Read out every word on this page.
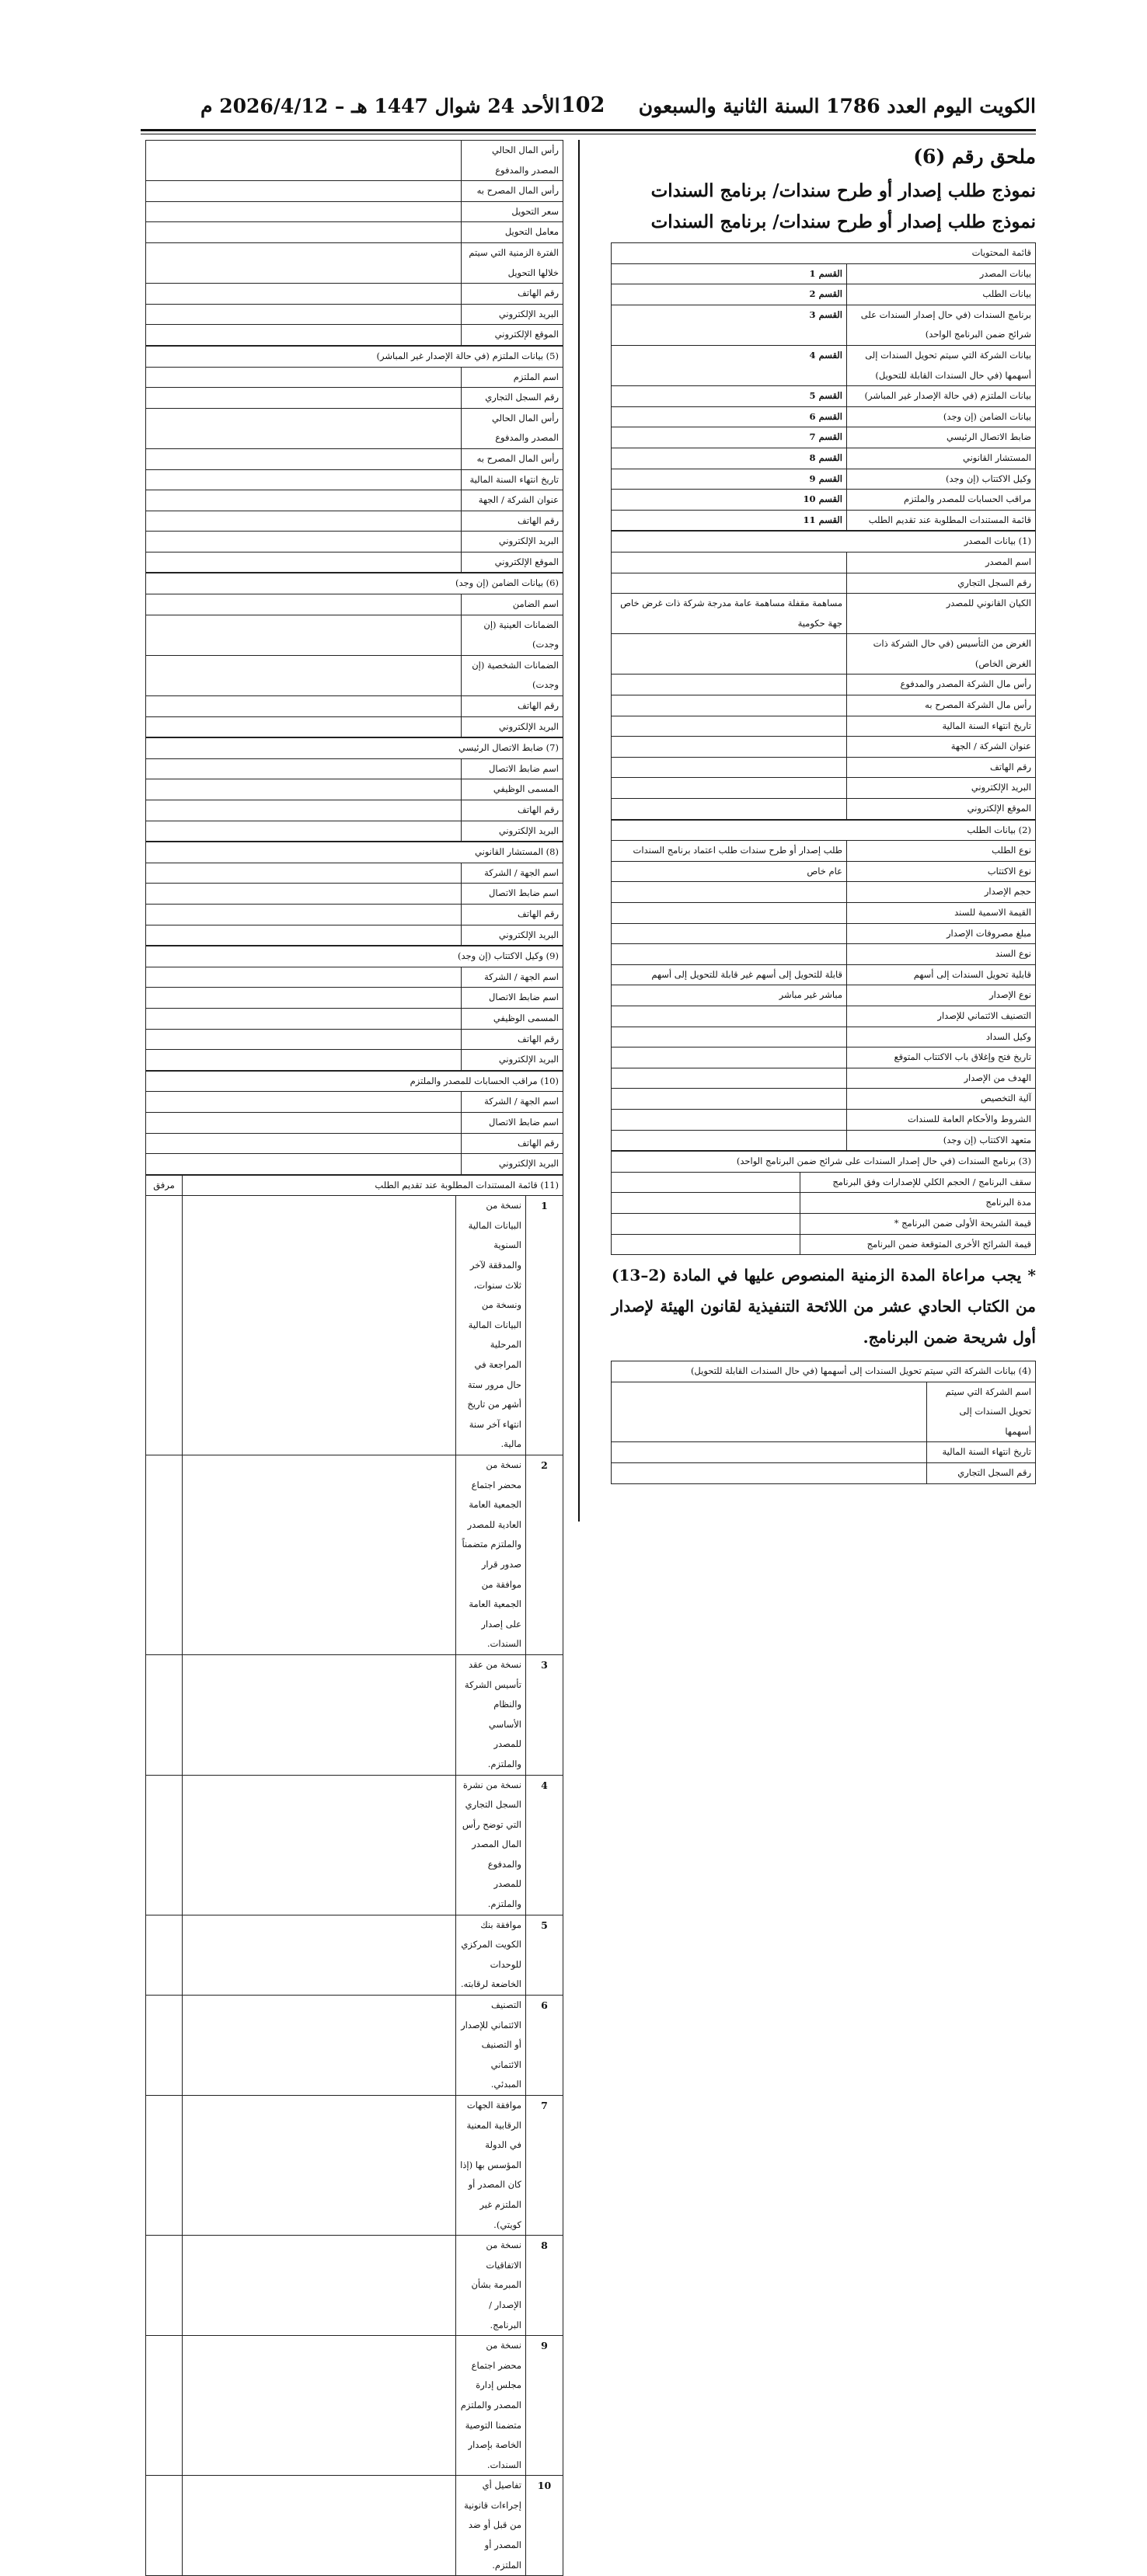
الكويت اليوم العدد 1786 السنة الثانية والسبعون
102
الأحد 24 شوال 1447 هـ – 2026/4/12 م
ملحق رقم (6)
نموذج طلب إصدار أو طرح سندات/ برنامج السندات
نموذج طلب إصدار أو طرح سندات/ برنامج السندات
قائمة المحتويات	
بيانات المصدر	القسم 1
بيانات الطلب	القسم 2
برنامج السندات (في حال إصدار السندات على شرائح ضمن البرنامج الواحد)	القسم 3
بيانات الشركة التي سيتم تحويل السندات إلى أسهمها (في حال السندات القابلة للتحويل)	القسم 4
بيانات الملتزم (في حالة الإصدار غير المباشر)	القسم 5
بيانات الضامن (إن وجد)	القسم 6
ضابط الاتصال الرئيسي	القسم 7
المستشار القانوني	القسم 8
وكيل الاكتتاب (إن وجد)	القسم 9
مراقب الحسابات للمصدر والملتزم	القسم 10
قائمة المستندات المطلوبة عند تقديم الطلب	القسم 11
(1) بيانات المصدر	
اسم المصدر	
رقم السجل التجاري	
الكيان القانوني للمصدر	مساهمة مقفلة مساهمة عامة مدرجة شركة ذات غرض خاص جهة حكومية
الغرض من التأسيس (في حال الشركة ذات الغرض الخاص)	
رأس مال الشركة المصدر والمدفوع	
رأس مال الشركة المصرح به	
تاريخ انتهاء السنة المالية	
عنوان الشركة / الجهة	
رقم الهاتف	
البريد الإلكتروني	
الموقع الإلكتروني	
(2) بيانات الطلب	
نوع الطلب	طلب إصدار أو طرح سندات طلب اعتماد برنامج السندات
نوع الاكتتاب	عام خاص
حجم الإصدار	
القيمة الاسمية للسند	
مبلغ مصروفات الإصدار	
نوع السند	
قابلية تحويل السندات إلى أسهم	قابلة للتحويل إلى أسهم غير قابلة للتحويل إلى أسهم
نوع الإصدار	مباشر غير مباشر
التصنيف الائتماني للإصدار	
وكيل السداد	
تاريخ فتح وإغلاق باب الاكتتاب المتوقع	
الهدف من الإصدار	
آلية التخصيص	
الشروط والأحكام العامة للسندات	
متعهد الاكتتاب (إن وجد)	
(3) برنامج السندات (في حال إصدار السندات على شرائح ضمن البرنامج الواحد)	
سقف البرنامج / الحجم الكلي للإصدارات وفق البرنامج	
مدة البرنامج	
قيمة الشريحة الأولى ضمن البرنامج *	
قيمة الشرائح الأخرى المتوقعة ضمن البرنامج	
* يجب مراعاة المدة الزمنية المنصوص عليها في المادة (2–13) من الكتاب الحادي عشر من اللائحة التنفيذية لقانون الهيئة لإصدار أول شريحة ضمن البرنامج.
(4) بيانات الشركة التي سيتم تحويل السندات إلى أسهمها (في حال السندات القابلة للتحويل)	
اسم الشركة التي سيتم تحويل السندات إلى أسهمها	
تاريخ انتهاء السنة المالية	
رقم السجل التجاري	
رأس المال الحالي المصدر والمدفوع	
رأس المال المصرح به	
سعر التحويل	
معامل التحويل	
الفترة الزمنية التي سيتم خلالها التحويل	
رقم الهاتف	
البريد الإلكتروني	
الموقع الإلكتروني	
(5) بيانات الملتزم (في حالة الإصدار غير المباشر)	
اسم الملتزم	
رقم السجل التجاري	
رأس المال الحالي المصدر والمدفوع	
رأس المال المصرح به	
تاريخ انتهاء السنة المالية	
عنوان الشركة / الجهة	
رقم الهاتف	
البريد الإلكتروني	
الموقع الإلكتروني	
(6) بيانات الضامن (إن وجد)	
اسم الضامن	
الضمانات العينية (إن وجدت)	
الضمانات الشخصية (إن وجدت)	
رقم الهاتف	
البريد الإلكتروني	
(7) ضابط الاتصال الرئيسي	
اسم ضابط الاتصال	
المسمى الوظيفي	
رقم الهاتف	
البريد الإلكتروني	
(8) المستشار القانوني	
اسم الجهة / الشركة	
اسم ضابط الاتصال	
رقم الهاتف	
البريد الإلكتروني	
(9) وكيل الاكتتاب (إن وجد)	
اسم الجهة / الشركة	
اسم ضابط الاتصال	
المسمى الوظيفي	
رقم الهاتف	
البريد الإلكتروني	
(10) مراقب الحسابات للمصدر والملتزم	
اسم الجهة / الشركة	
اسم ضابط الاتصال	
رقم الهاتف	
البريد الإلكتروني	
(11) قائمة المستندات المطلوبة عند تقديم الطلب			مرفق
1	نسخة من البيانات المالية السنوية والمدققة لآخر ثلاث سنوات، ونسخة من البيانات المالية المرحلية المراجعة في حال مرور ستة أشهر من تاريخ انتهاء آخر سنة مالية.		
2	نسخة من محضر اجتماع الجمعية العامة العادية للمصدر والملتزم متضمناً صدور قرار موافقة من الجمعية العامة على إصدار السندات.		
3	نسخة من عقد تأسيس الشركة والنظام الأساسي للمصدر والملتزم.		
4	نسخة من نشرة السجل التجاري التي توضح رأس المال المصدر والمدفوع للمصدر والملتزم.		
5	موافقة بنك الكويت المركزي للوحدات الخاضعة لرقابته.		
6	التصنيف الائتماني للإصدار أو التصنيف الائتماني المبدئي.		
7	موافقة الجهات الرقابية المعنية في الدولة المؤسس بها (إذا كان المصدر أو الملتزم غير كويتي).		
8	نسخة من الاتفاقيات المبرمة بشأن الإصدار / البرنامج.		
9	نسخة من محضر اجتماع مجلس إدارة المصدر والملتزم متضمنا التوصية الخاصة بإصدار السندات.		
10	تفاصيل أي إجراءات قانونية من قبل أو ضد المصدر أو الملتزم.		
